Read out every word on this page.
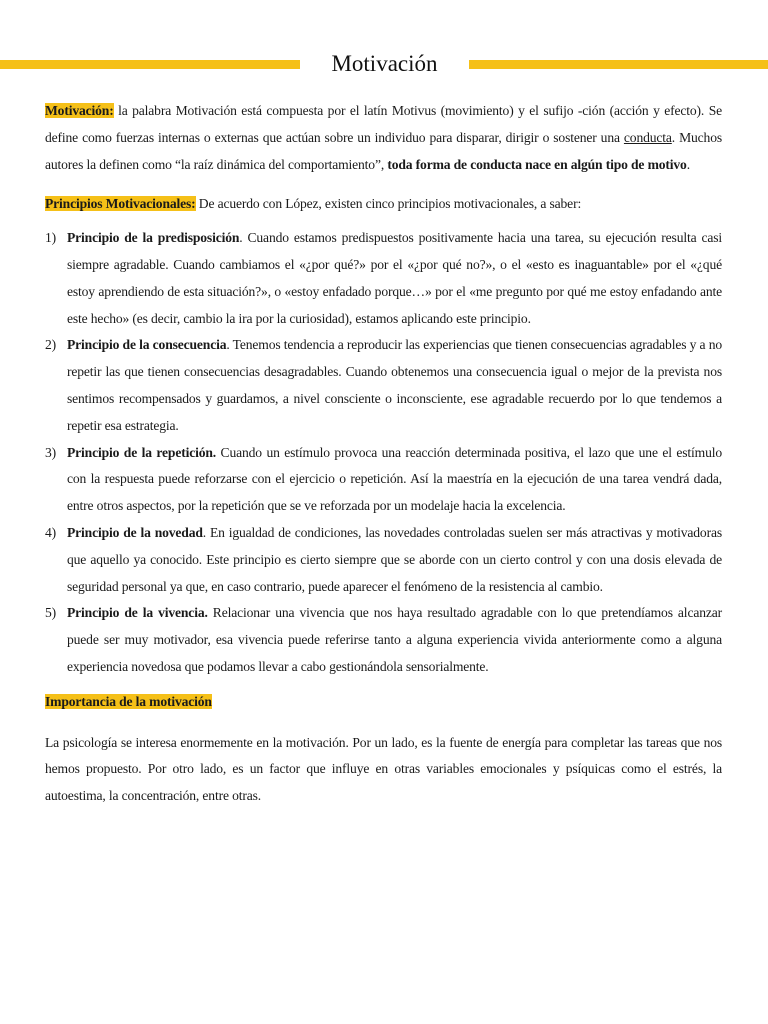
Motivación

Motivación: la palabra Motivación está compuesta por el latín Motivus (movimiento) y el sufijo -ción (acción y efecto). Se define como fuerzas internas o externas que actúan sobre un individuo para disparar, dirigir o sostener una conducta. Muchos autores la definen como “la raíz dinámica del comportamiento”, toda forma de conducta nace en algún tipo de motivo.

Principios Motivacionales: De acuerdo con López, existen cinco principios motivacionales, a saber:

1) Principio de la predisposición. Cuando estamos predispuestos positivamente hacia una tarea, su ejecución resulta casi siempre agradable. Cuando cambiamos el «¿por qué?» por el «¿por qué no?», o el «esto es inaguantable» por el «¿qué estoy aprendiendo de esta situación?», o «estoy enfadado porque…» por el «me pregunto por qué me estoy enfadando ante este hecho» (es decir, cambio la ira por la curiosidad), estamos aplicando este principio.
2) Principio de la consecuencia. Tenemos tendencia a reproducir las experiencias que tienen consecuencias agradables y a no repetir las que tienen consecuencias desagradables. Cuando obtenemos una consecuencia igual o mejor de la prevista nos sentimos recompensados y guardamos, a nivel consciente o inconsciente, ese agradable recuerdo por lo que tendemos a repetir esa estrategia.
3) Principio de la repetición. Cuando un estímulo provoca una reacción determinada positiva, el lazo que une el estímulo con la respuesta puede reforzarse con el ejercicio o repetición. Así la maestría en la ejecución de una tarea vendrá dada, entre otros aspectos, por la repetición que se ve reforzada por un modelaje hacia la excelencia.
4) Principio de la novedad. En igualdad de condiciones, las novedades controladas suelen ser más atractivas y motivadoras que aquello ya conocido. Este principio es cierto siempre que se aborde con un cierto control y con una dosis elevada de seguridad personal ya que, en caso contrario, puede aparecer el fenómeno de la resistencia al cambio.
5) Principio de la vivencia. Relacionar una vivencia que nos haya resultado agradable con lo que pretendíamos alcanzar puede ser muy motivador, esa vivencia puede referirse tanto a alguna experiencia vivida anteriormente como a alguna experiencia novedosa que podamos llevar a cabo gestionándola sensorialmente.

Importancia de la motivación

La psicología se interesa enormemente en la motivación. Por un lado, es la fuente de energía para completar las tareas que nos hemos propuesto. Por otro lado, es un factor que influye en otras variables emocionales y psíquicas como el estrés, la autoestima, la concentración, entre otras.
